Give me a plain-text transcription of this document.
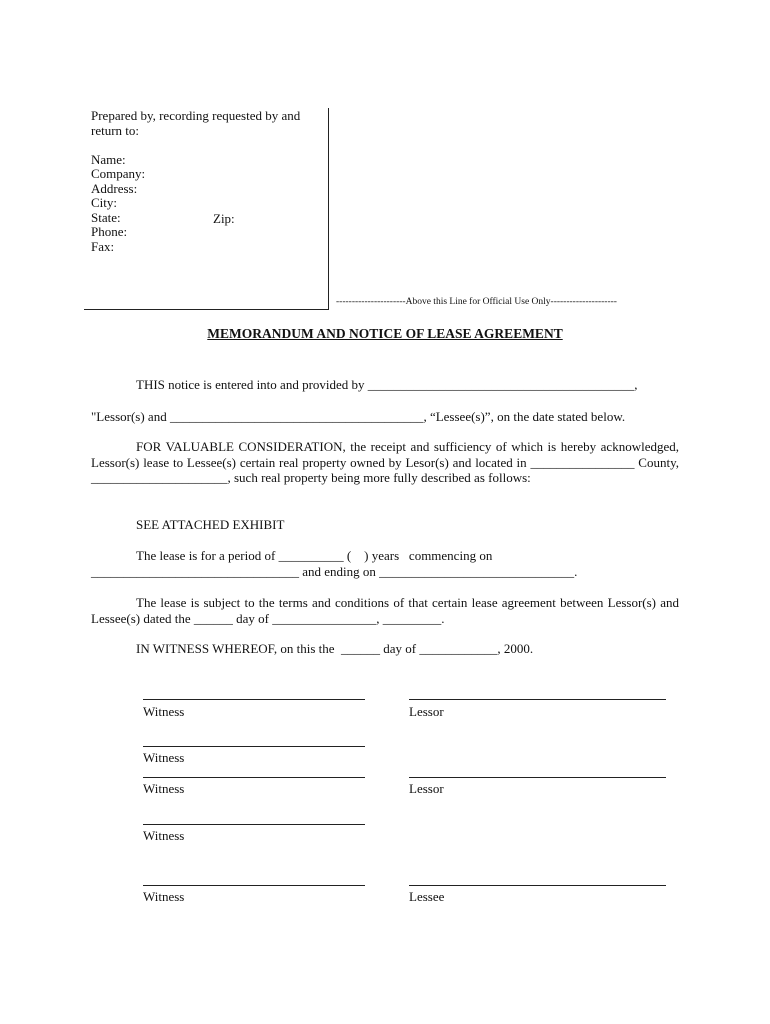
Prepared by, recording requested by and
return to:
Name:
Company:
Address:
City:
State:	Zip:
Phone:
Fax:
----------------------Above this Line for Official Use Only---------------------
MEMORANDUM AND NOTICE OF LEASE AGREEMENT
THIS notice is entered into and provided by _________________________________________,
"Lessor(s) and _______________________________________, “Lessee(s)”, on the date stated below.
FOR VALUABLE CONSIDERATION, the receipt and sufficiency of which is hereby acknowledged, Lessor(s) lease to Lessee(s) certain real property owned by Lesor(s) and located in ________________ County, _____________________, such real property being more fully described as follows:
SEE ATTACHED EXHIBIT
The lease is for a period of __________ (    ) years   commencing on
________________________________ and ending on ______________________________.
The lease is subject to the terms and conditions of that certain lease agreement between Lessor(s) and Lessee(s) dated the ______ day of ________________, _________.
IN WITNESS WHEREOF, on this the  ______ day of ____________, 2000.
Witness	Lessor
Witness
Witness	Lessor
Witness
Witness	Lessee
